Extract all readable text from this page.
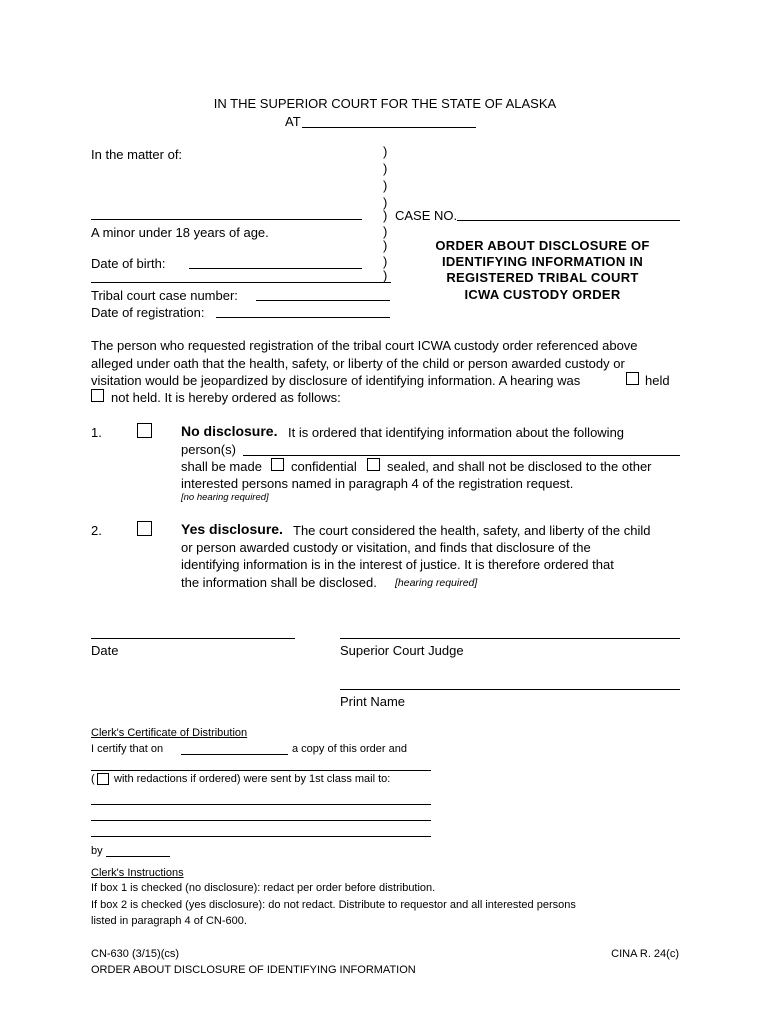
IN THE SUPERIOR COURT FOR THE STATE OF ALASKA
AT
In the matter of:
A minor under 18 years of age.
Date of birth:
Tribal court case number:
Date of registration:
)
)
)
)
)
)
)
)
)
CASE NO.
ORDER ABOUT DISCLOSURE OF
IDENTIFYING INFORMATION IN
REGISTERED TRIBAL COURT
ICWA CUSTODY ORDER
The person who requested registration of the tribal court ICWA custody order referenced above
alleged under oath that the health, safety, or liberty of the child or person awarded custody or
visitation would be jeopardized by disclosure of identifying information. A hearing was	held
not held. It is hereby ordered as follows:
1.	No disclosure. It is ordered that identifying information about the following
person(s)
shall be made confidential sealed, and shall not be disclosed to the other
interested persons named in paragraph 4 of the registration request.
[no hearing required]
2.	Yes disclosure. The court considered the health, safety, and liberty of the child
or person awarded custody or visitation, and finds that disclosure of the
identifying information is in the interest of justice. It is therefore ordered that
the information shall be disclosed. [hearing required]
Date	Superior Court Judge
Print Name
Clerk's Certificate of Distribution
I certify that on	a copy of this order and
( with redactions if ordered) were sent by 1st class mail to:
by
Clerk's Instructions
If box 1 is checked (no disclosure): redact per order before distribution.
If box 2 is checked (yes disclosure): do not redact. Distribute to requestor and all interested persons
listed in paragraph 4 of CN-600.
CN-630 (3/15)(cs)	CINA R. 24(c)
ORDER ABOUT DISCLOSURE OF IDENTIFYING INFORMATION
